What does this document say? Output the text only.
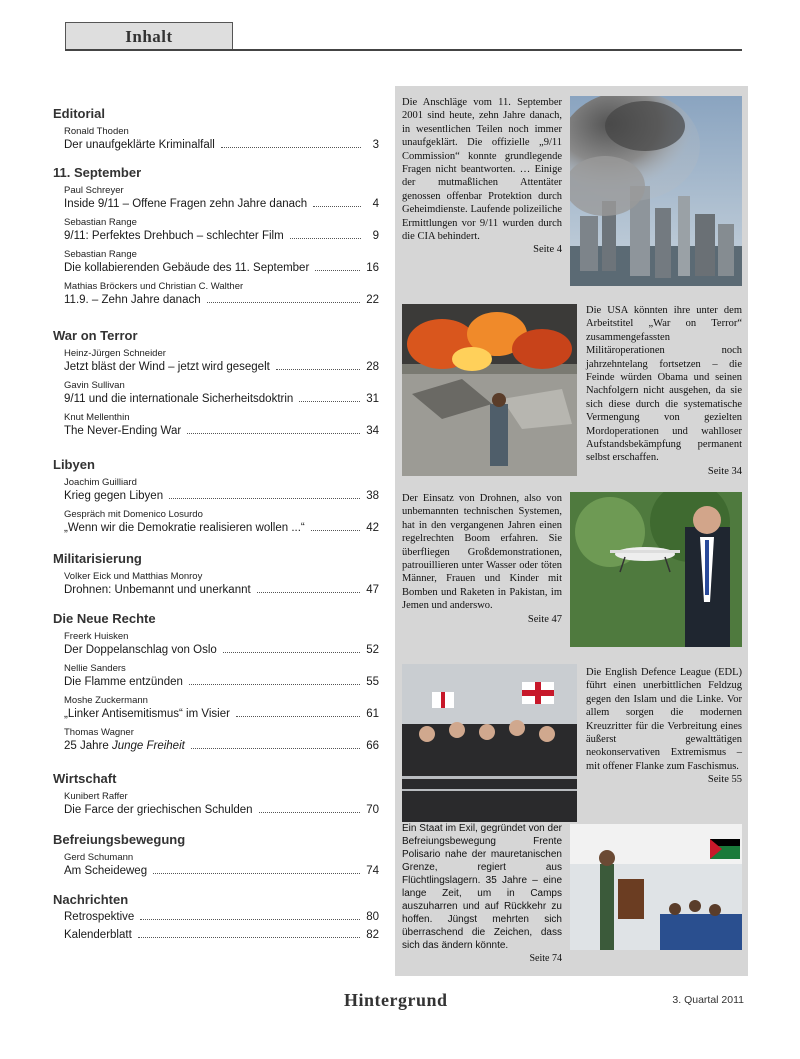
Inhalt
Editorial
Ronald Thoden
Der unaufgeklärte Kriminalfall	3
11. September
Paul Schreyer
Inside 9/11 – Offene Fragen zehn Jahre danach	4
Sebastian Range
9/11: Perfektes Drehbuch – schlechter Film	9
Sebastian Range
Die kollabierenden Gebäude des 11. September	16
Mathias Bröckers und Christian C. Walther
11.9. – Zehn Jahre danach	22
War on Terror
Heinz-Jürgen Schneider
Jetzt bläst der Wind – jetzt wird gesegelt	28
Gavin Sullivan
9/11 und die internationale Sicherheitsdoktrin	31
Knut Mellenthin
The Never-Ending War	34
Libyen
Joachim Guilliard
Krieg gegen Libyen	38
Gespräch mit Domenico Losurdo
„Wenn wir die Demokratie realisieren wollen ...“	42
Militarisierung
Volker Eick und Matthias Monroy
Drohnen: Unbemannt und unerkannt	47
Die Neue Rechte
Freerk Huisken
Der Doppelanschlag von Oslo	52
Nellie Sanders
Die Flamme entzünden	55
Moshe Zuckermann
„Linker Antisemitismus“ im Visier	61
Thomas Wagner
25 Jahre Junge Freiheit	66
Wirtschaft
Kunibert Raffer
Die Farce der griechischen Schulden	70
Befreiungsbewegung
Gerd Schumann
Am Scheideweg	74
Nachrichten
Retrospektive	80
Kalenderblatt	82
Die Anschläge vom 11. September 2001 sind heute, zehn Jahre danach, in wesentlichen Teilen noch immer unaufgeklärt. Die offizielle „9/11 Commission“ konnte grundlegende Fragen nicht beantworten. … Einige der mutmaßlichen Attentäter genossen offenbar Protektion durch Geheimdienste. Laufende polizeiliche Ermittlungen vor 9/11 wurden durch die CIA behindert.
Seite 4
Die USA könnten ihre unter dem Arbeitstitel „War on Terror“ zusammengefassten Militäroperationen noch jahrzehntelang fortsetzen – die Feinde würden Obama und seinen Nachfolgern nicht ausgehen, da sie sich diese durch die systematische Vermengung von gezielten Mordoperationen und wahlloser Aufstandsbekämpfung permanent selbst erschaffen.
Seite 34
Der Einsatz von Drohnen, also von unbemannten technischen Systemen, hat in den vergangenen Jahren einen regelrechten Boom erfahren. Sie überfliegen Großdemonstrationen, patrouillieren unter Wasser oder töten Männer, Frauen und Kinder mit Bomben und Raketen in Pakistan, im Jemen und anderswo.
Seite 47
Die English Defence League (EDL) führt einen unerbittlichen Feldzug gegen den Islam und die Linke. Vor allem sorgen die modernen Kreuzritter für die Verbreitung eines äußerst gewalttätigen neokonservativen Extremismus – mit offener Flanke zum Faschismus.
Seite 55
Ein Staat im Exil, gegründet von der Befreiungsbewegung Frente Polisario nahe der mauretanischen Grenze, regiert aus Flüchtlingslagern. 35 Jahre – eine lange Zeit, um in Camps auszuharren und auf Rückkehr zu hoffen. Jüngst mehrten sich überraschend die Zeichen, dass sich das ändern könnte.
Seite 74
Hintergrund	3. Quartal 2011
